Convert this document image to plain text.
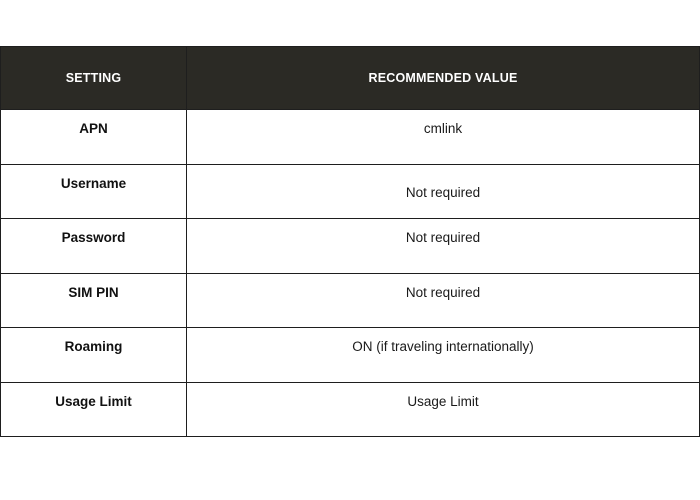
SETTING	RECOMMENDED VALUE

APN	cmlink

Username	Not required

Password	Not required

SIM PIN	Not required

Roaming	ON (if traveling internationally)

Usage Limit	Usage Limit
